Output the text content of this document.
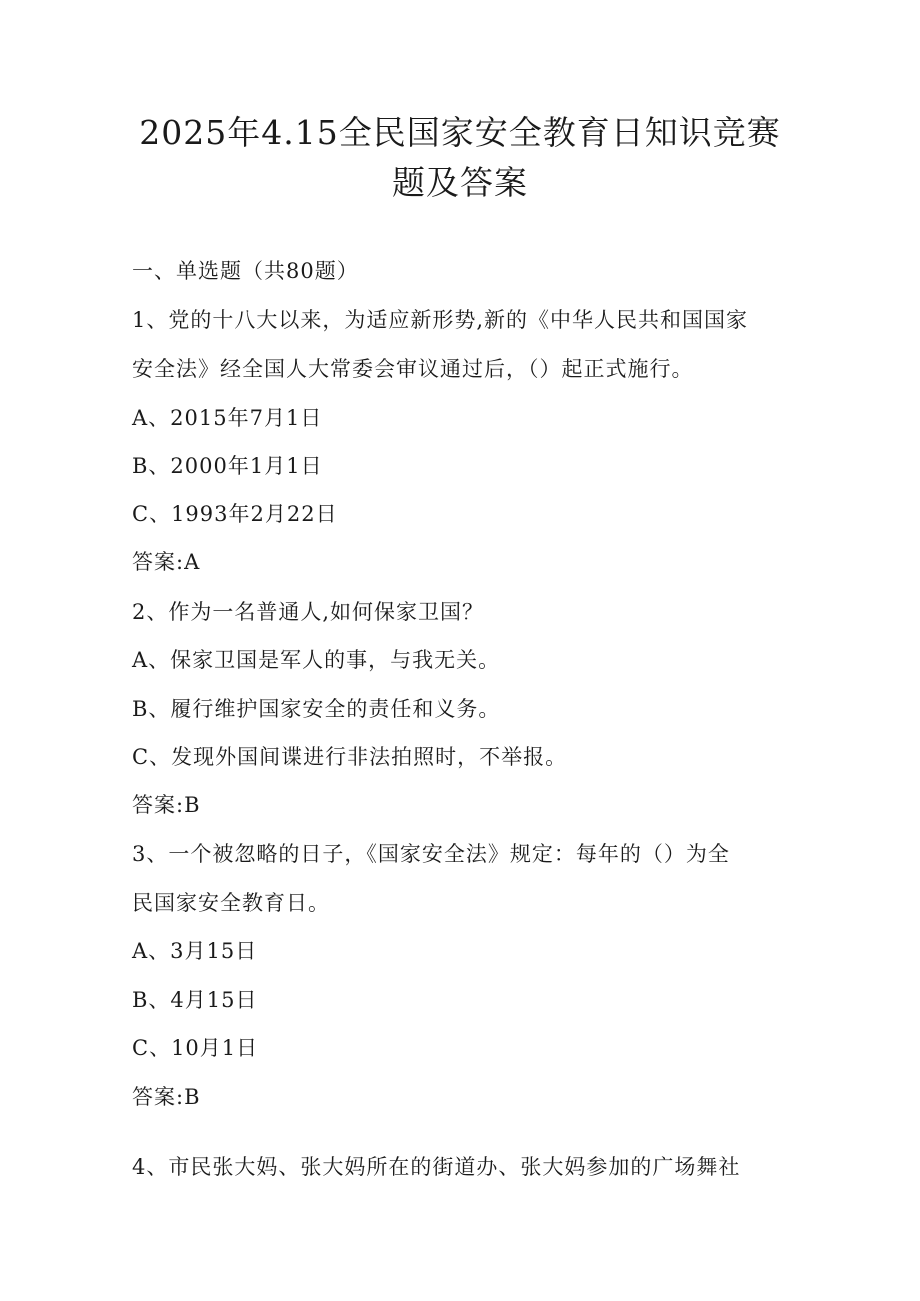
2025年4.15全民国家安全教育日知识竞赛
题及答案
一、单选题（共80题）
1、党的十八大以来，为适应新形势,新的《中华人民共和国国家
安全法》经全国人大常委会审议通过后，（）起正式施行。
A、2015年7月1日
B、2000年1月1日
C、1993年2月22日
答案:A
2、作为一名普通人,如何保家卫国？
A、保家卫国是军人的事，与我无关。
B、履行维护国家安全的责任和义务。
C、发现外国间谍进行非法拍照时，不举报。
答案:B
3、一个被忽略的日子，《国家安全法》规定：每年的（）为全
民国家安全教育日。
A、3月15日
B、4月15日
C、10月1日
答案:B
4、市民张大妈、张大妈所在的街道办、张大妈参加的广场舞社
